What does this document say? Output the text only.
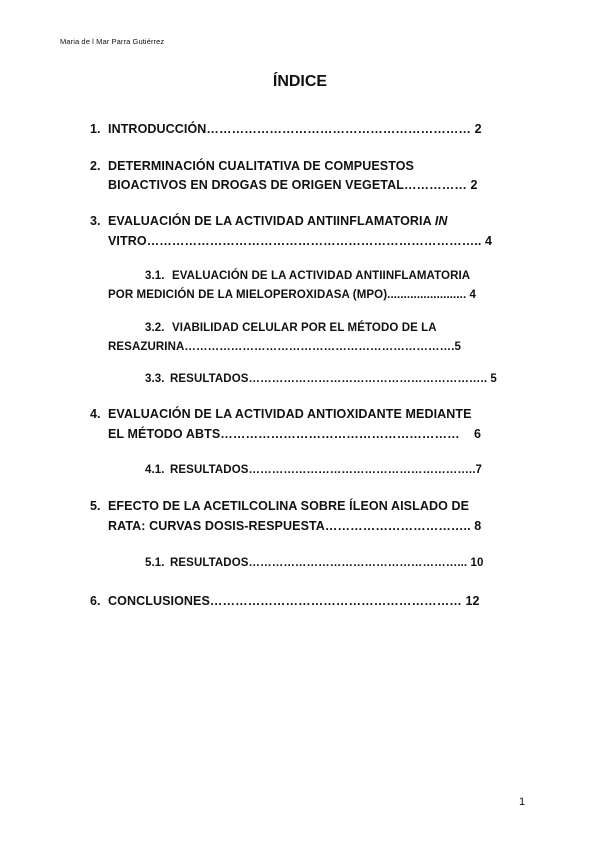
Maria de l Mar Parra Gutiérrez
ÍNDICE
1. INTRODUCCIÓN……………………………………………………… 2
2. DETERMINACIÓN CUALITATIVA DE COMPUESTOS
BIOACTIVOS EN DROGAS DE ORIGEN VEGETAL…………… 2
3. EVALUACIÓN DE LA ACTIVIDAD ANTIINFLAMATORIA IN
VITRO…………………………………………………………………….. 4
3.1. EVALUACIÓN DE LA ACTIVIDAD ANTIINFLAMATORIA
POR MEDICIÓN DE LA MIELOPEROXIDASA (MPO)........................ 4
3.2. VIABILIDAD CELULAR POR EL MÉTODO DE LA
RESAZURINA…………………………………………………………….5
3.3. RESULTADOS…………………………………………………….. 5
4. EVALUACIÓN DE LA ACTIVIDAD ANTIOXIDANTE MEDIANTE
EL MÉTODO ABTS…………………………………………………    6
4.1. RESULTADOS…………………………………………………..7
5. EFECTO DE LA ACETILCOLINA SOBRE ÍLEON AISLADO DE
RATA: CURVAS DOSIS-RESPUESTA…………………………….. 8
5.1. RESULTADOS………………………………………………... 10
6. CONCLUSIONES…………………………………………………… 12
1
